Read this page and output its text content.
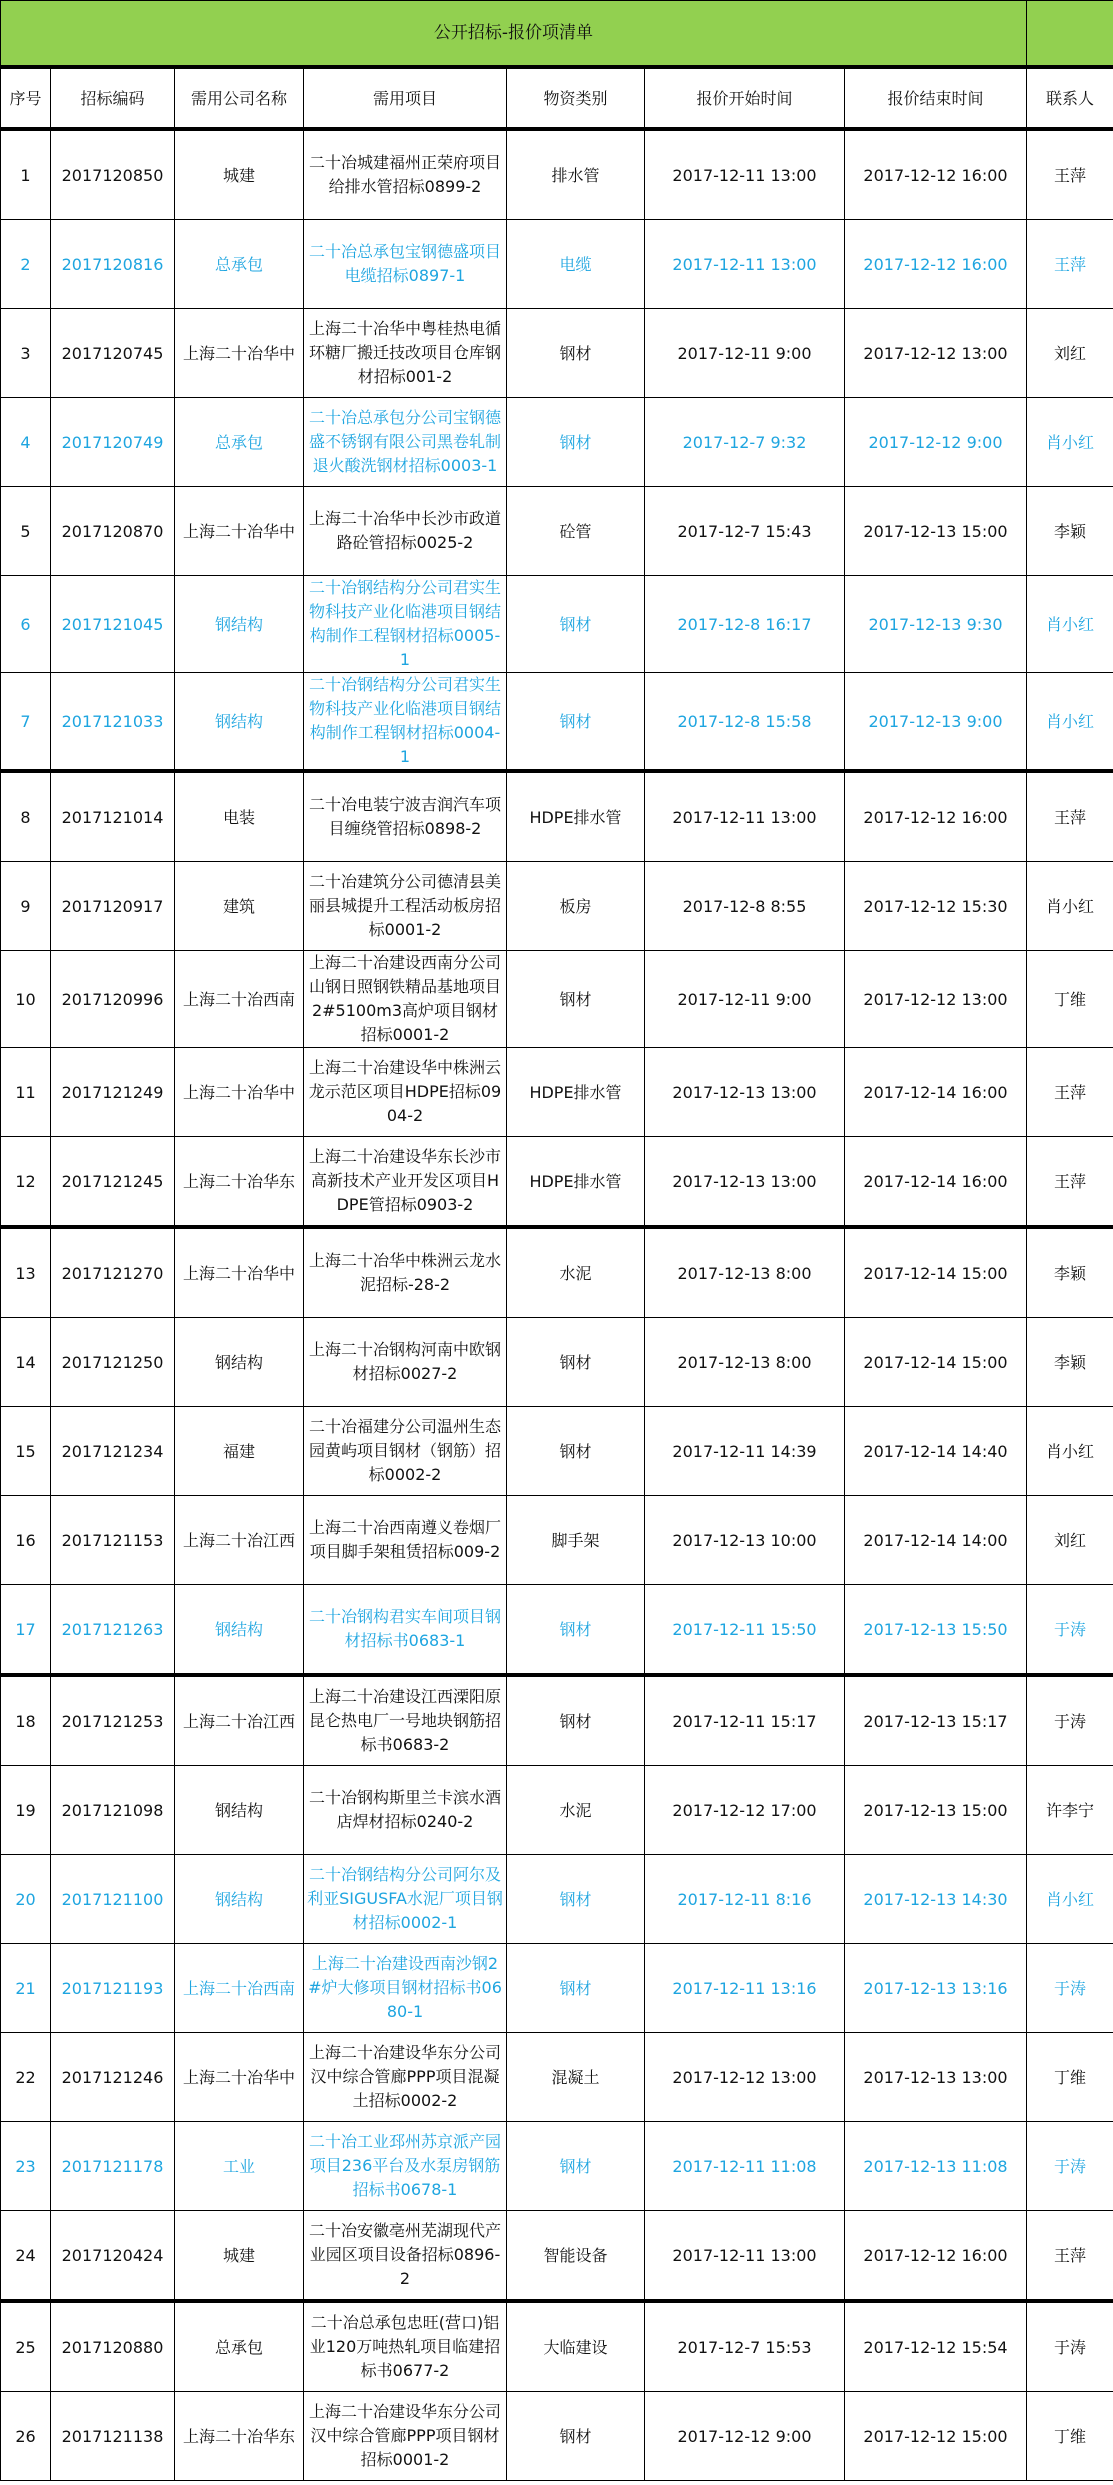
公开招标-报价项清单							
序号	招标编码	需用公司名称	需用项目	物资类别	报价开始时间	报价结束时间	联系人
1	2017120850	城建	二十冶城建福州正荣府项目给排水管招标0899-2	排水管	2017-12-11 13:00	2017-12-12 16:00	王萍
2	2017120816	总承包	二十冶总承包宝钢德盛项目电缆招标0897-1	电缆	2017-12-11 13:00	2017-12-12 16:00	王萍
3	2017120745	上海二十冶华中	上海二十冶华中粤桂热电循环糖厂搬迁技改项目仓库钢材招标001-2	钢材	2017-12-11 9:00	2017-12-12 13:00	刘红
4	2017120749	总承包	二十冶总承包分公司宝钢德盛不锈钢有限公司黑卷轧制退火酸洗钢材招标0003-1	钢材	2017-12-7 9:32	2017-12-12 9:00	肖小红
5	2017120870	上海二十冶华中	上海二十冶华中长沙市政道路砼管招标0025-2	砼管	2017-12-7 15:43	2017-12-13 15:00	李颖
6	2017121045	钢结构	二十冶钢结构分公司君实生物科技产业化临港项目钢结构制作工程钢材招标0005-1	钢材	2017-12-8 16:17	2017-12-13 9:30	肖小红
7	2017121033	钢结构	二十冶钢结构分公司君实生物科技产业化临港项目钢结构制作工程钢材招标0004-1	钢材	2017-12-8 15:58	2017-12-13 9:00	肖小红
8	2017121014	电装	二十冶电装宁波吉润汽车项目缠绕管招标0898-2	HDPE排水管	2017-12-11 13:00	2017-12-12 16:00	王萍
9	2017120917	建筑	二十冶建筑分公司德清县美丽县城提升工程活动板房招标0001-2	板房	2017-12-8 8:55	2017-12-12 15:30	肖小红
10	2017120996	上海二十冶西南	上海二十冶建设西南分公司山钢日照钢铁精品基地项目2#5100m3高炉项目钢材招标0001-2	钢材	2017-12-11 9:00	2017-12-12 13:00	丁维
11	2017121249	上海二十冶华中	上海二十冶建设华中株洲云龙示范区项目HDPE招标0904-2	HDPE排水管	2017-12-13 13:00	2017-12-14 16:00	王萍
12	2017121245	上海二十冶华东	上海二十冶建设华东长沙市高新技术产业开发区项目HDPE管招标0903-2	HDPE排水管	2017-12-13 13:00	2017-12-14 16:00	王萍
13	2017121270	上海二十冶华中	上海二十冶华中株洲云龙水泥招标-28-2	水泥	2017-12-13 8:00	2017-12-14 15:00	李颖
14	2017121250	钢结构	上海二十冶钢构河南中欧钢材招标0027-2	钢材	2017-12-13 8:00	2017-12-14 15:00	李颖
15	2017121234	福建	二十冶福建分公司温州生态园黄屿项目钢材（钢筋）招标0002-2	钢材	2017-12-11 14:39	2017-12-14 14:40	肖小红
16	2017121153	上海二十冶江西	上海二十冶西南遵义卷烟厂项目脚手架租赁招标009-2	脚手架	2017-12-13 10:00	2017-12-14 14:00	刘红
17	2017121263	钢结构	二十冶钢构君实车间项目钢材招标书0683-1	钢材	2017-12-11 15:50	2017-12-13 15:50	于涛
18	2017121253	上海二十冶江西	上海二十冶建设江西溧阳原昆仑热电厂一号地块钢筋招标书0683-2	钢材	2017-12-11 15:17	2017-12-13 15:17	于涛
19	2017121098	钢结构	二十冶钢构斯里兰卡滨水酒店焊材招标0240-2	水泥	2017-12-12 17:00	2017-12-13 15:00	许李宁
20	2017121100	钢结构	二十冶钢结构分公司阿尔及利亚SIGUSFA水泥厂项目钢材招标0002-1	钢材	2017-12-11 8:16	2017-12-13 14:30	肖小红
21	2017121193	上海二十冶西南	上海二十冶建设西南沙钢2#炉大修项目钢材招标书0680-1	钢材	2017-12-11 13:16	2017-12-13 13:16	于涛
22	2017121246	上海二十冶华中	上海二十冶建设华东分公司汉中综合管廊PPP项目混凝土招标0002-2	混凝土	2017-12-12 13:00	2017-12-13 13:00	丁维
23	2017121178	工业	二十冶工业邳州苏京派产园项目236平台及水泵房钢筋招标书0678-1	钢材	2017-12-11 11:08	2017-12-13 11:08	于涛
24	2017120424	城建	二十冶安徽亳州芜湖现代产业园区项目设备招标0896-2	智能设备	2017-12-11 13:00	2017-12-12 16:00	王萍
25	2017120880	总承包	二十冶总承包忠旺(营口)铝业120万吨热轧项目临建招标书0677-2	大临建设	2017-12-7 15:53	2017-12-12 15:54	于涛
26	2017121138	上海二十冶华东	上海二十冶建设华东分公司汉中综合管廊PPP项目钢材招标0001-2	钢材	2017-12-12 9:00	2017-12-12 15:00	丁维
